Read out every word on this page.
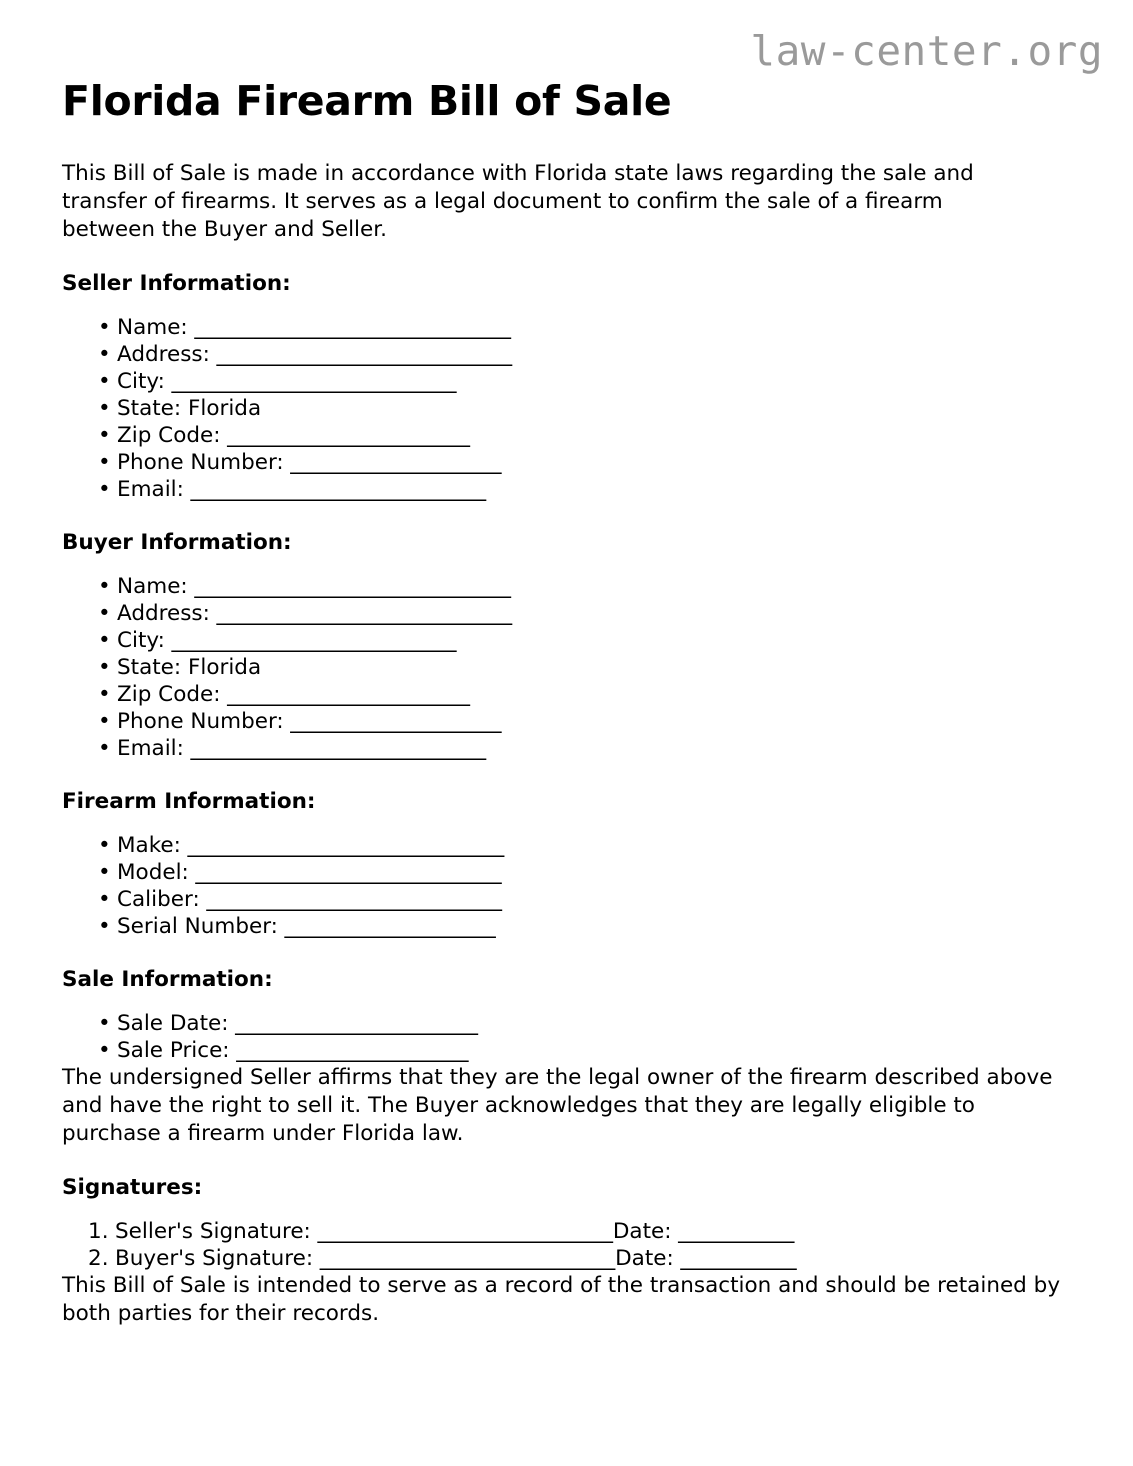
law-center.org
Florida Firearm Bill of Sale

This Bill of Sale is made in accordance with Florida state laws regarding the sale and transfer of firearms. It serves as a legal document to confirm the sale of a firearm between the Buyer and Seller.

Seller Information:
• Name: ______________________________
• Address: ____________________________
• City: ___________________________
• State: Florida
• Zip Code: _______________________
• Phone Number: ____________________
• Email: ____________________________
Buyer Information:
• Name: ______________________________
• Address: ____________________________
• City: ___________________________
• State: Florida
• Zip Code: _______________________
• Phone Number: ____________________
• Email: ____________________________
Firearm Information:
• Make: ______________________________
• Model: _____________________________
• Caliber: ____________________________
• Serial Number: ____________________
Sale Information:
• Sale Date: _______________________
• Sale Price: ______________________

The undersigned Seller affirms that they are the legal owner of the firearm described above and have the right to sell it. The Buyer acknowledges that they are legally eligible to purchase a firearm under Florida law.

Signatures:
Seller's Signature: ____________________________Date: ___________
Buyer's Signature: ____________________________Date: ___________

This Bill of Sale is intended to serve as a record of the transaction and should be retained by both parties for their records.
